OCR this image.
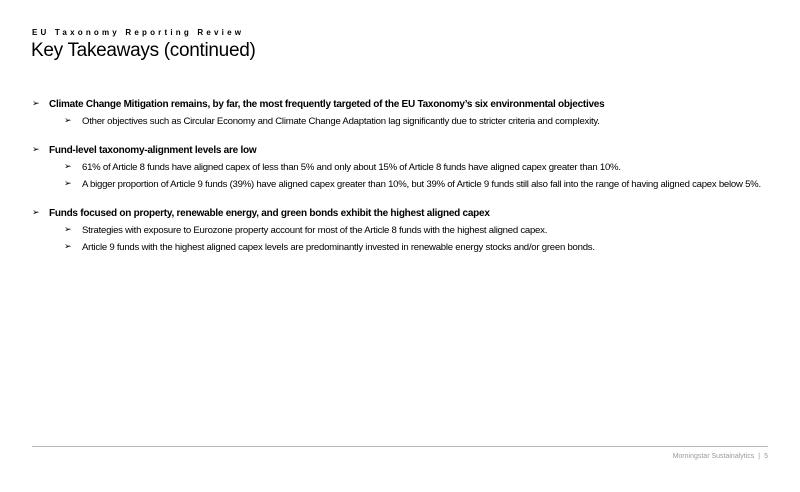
EU Taxonomy Reporting Review
Key Takeaways (continued)
➢ Climate Change Mitigation remains, by far, the most frequently targeted of the EU Taxonomy’s six environmental objectives
➢	Other objectives such as Circular Economy and Climate Change Adaptation lag significantly due to stricter criteria and complexity.
➢ Fund-level taxonomy-alignment levels are low
➢	61% of Article 8 funds have aligned capex of less than 5% and only about 15% of Article 8 funds have aligned capex greater than 10%.
➢	A bigger proportion of Article 9 funds (39%) have aligned capex greater than 10%, but 39% of Article 9 funds still also fall into the range of having aligned capex below 5%.
➢ Funds focused on property, renewable energy, and green bonds exhibit the highest aligned capex
➢	Strategies with exposure to Eurozone property account for most of the Article 8 funds with the highest aligned capex.
➢	Article 9 funds with the highest aligned capex levels are predominantly invested in renewable energy stocks and/or green bonds.
Morningstar Sustainalytics | 5
